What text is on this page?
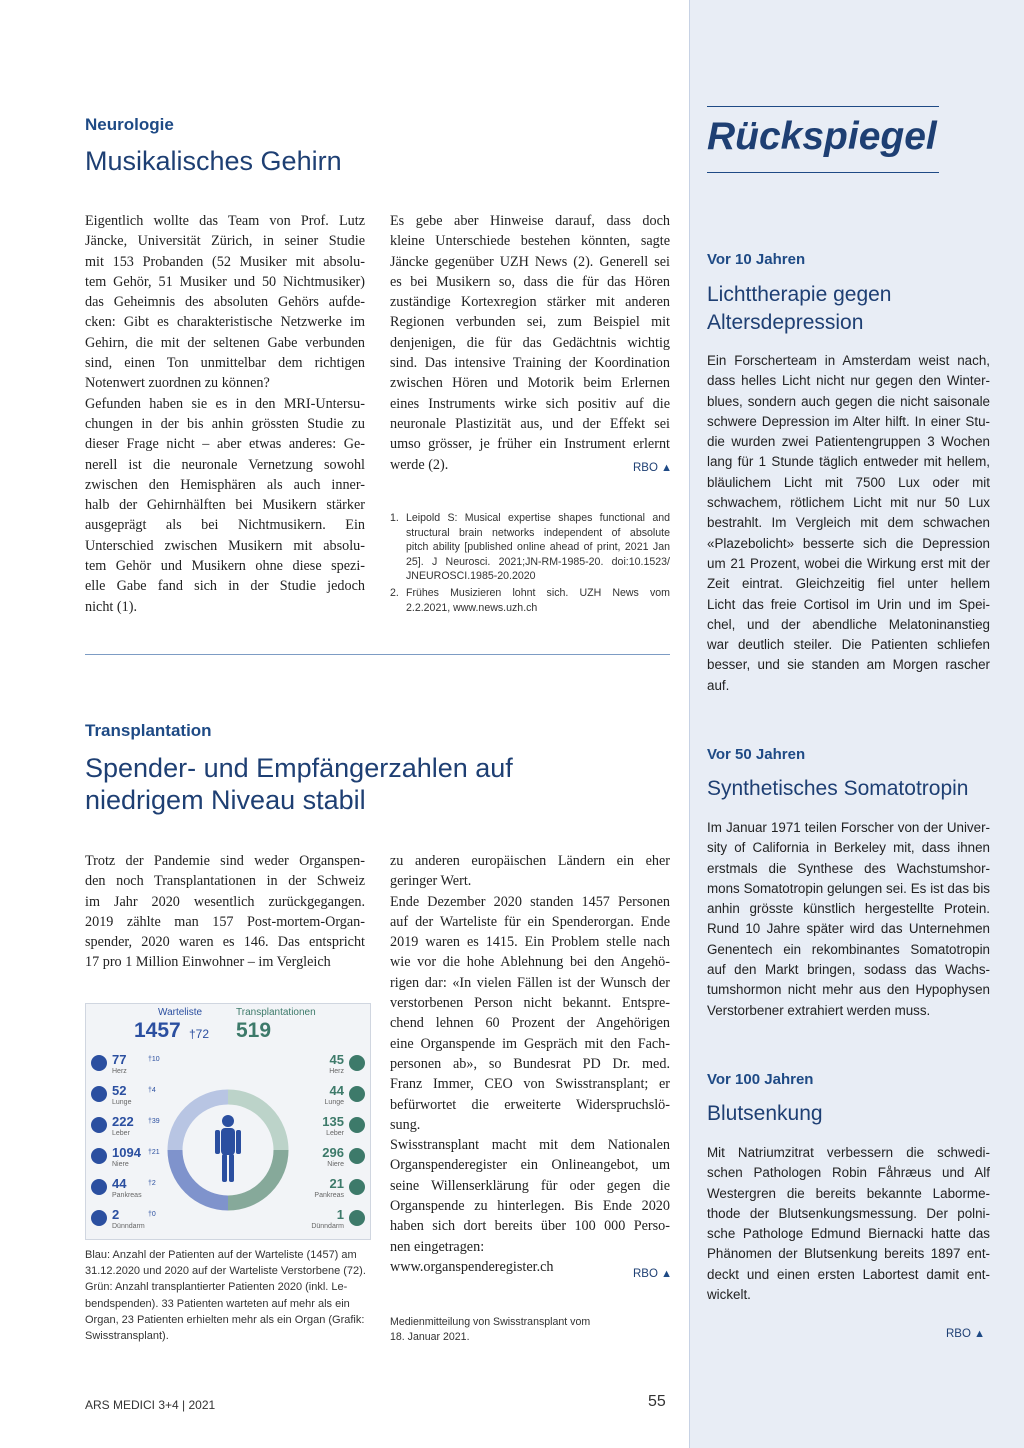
Rückspiegel
Vor 10 Jahren
Lichttherapie gegen
Altersdepression
Ein Forscherteam in Amsterdam weist nach,
dass helles Licht nicht nur gegen den Winter-
blues, sondern auch gegen die nicht saisonale
schwere Depression im Alter hilft. In einer Stu-
die wurden zwei Patientengruppen 3 Wochen
lang für 1 Stunde täglich entweder mit hellem,
bläulichem Licht mit 7500 Lux oder mit
schwachem, rötlichem Licht mit nur 50 Lux
bestrahlt. Im Vergleich mit dem schwachen
«Plazebolicht» besserte sich die Depression
um 21 Prozent, wobei die Wirkung erst mit der
Zeit eintrat. Gleichzeitig fiel unter hellem
Licht das freie Cortisol im Urin und im Spei-
chel, und der abendliche Melatoninanstieg
war deutlich steiler. Die Patienten schliefen
besser, und sie standen am Morgen rascher
auf.
Vor 50 Jahren
Synthetisches Somatotropin
Im Januar 1971 teilen Forscher von der Univer-
sity of California in Berkeley mit, dass ihnen
erstmals die Synthese des Wachstumshor-
mons Somatotropin gelungen sei. Es ist das bis
anhin grösste künstlich hergestellte Protein.
Rund 10 Jahre später wird das Unternehmen
Genentech ein rekombinantes Somatotropin
auf den Markt bringen, sodass das Wachs-
tumshormon nicht mehr aus den Hypophysen
Verstorbener extrahiert werden muss.
Vor 100 Jahren
Blutsenkung
Mit Natriumzitrat verbessern die schwedi-
schen Pathologen Robin Fåhræus und Alf
Westergren die bereits bekannte Laborme-
thode der Blutsenkungsmessung. Der polni-
sche Pathologe Edmund Biernacki hatte das
Phänomen der Blutsenkung bereits 1897 ent-
deckt und einen ersten Labortest damit ent-
wickelt.
RBO ▲
Neurologie
Musikalisches Gehirn
Eigentlich wollte das Team von Prof. Lutz
Jäncke, Universität Zürich, in seiner Studie
mit 153 Probanden (52 Musiker mit absolu-
tem Gehör, 51 Musiker und 50 Nichtmusiker)
das Geheimnis des absoluten Gehörs aufde-
cken: Gibt es charakteristische Netzwerke im
Gehirn, die mit der seltenen Gabe verbunden
sind, einen Ton unmittelbar dem richtigen
Notenwert zuordnen zu können?
Gefunden haben sie es in den MRI-Untersu-
chungen in der bis anhin grössten Studie zu
dieser Frage nicht – aber etwas anderes: Ge-
nerell ist die neuronale Vernetzung sowohl
zwischen den Hemisphären als auch inner-
halb der Gehirnhälften bei Musikern stärker
ausgeprägt als bei Nichtmusikern. Ein
Unterschied zwischen Musikern mit absolu-
tem Gehör und Musikern ohne diese spezi-
elle Gabe fand sich in der Studie jedoch
nicht (1).
Es gebe aber Hinweise darauf, dass doch
kleine Unterschiede bestehen könnten, sagte
Jäncke gegenüber UZH News (2). Generell sei
es bei Musikern so, dass die für das Hören
zuständige Kortexregion stärker mit anderen
Regionen verbunden sei, zum Beispiel mit
denjenigen, die für das Gedächtnis wichtig
sind. Das intensive Training der Koordination
zwischen Hören und Motorik beim Erlernen
eines Instruments wirke sich positiv auf die
neuronale Plastizität aus, und der Effekt sei
umso grösser, je früher ein Instrument erlernt
werde (2).	RBO ▲
1. Leipold S: Musical expertise shapes functional and
structural brain networks independent of absolute
pitch ability [published online ahead of print, 2021 Jan
25]. J Neurosci. 2021;JN-RM-1985-20. doi:10.1523/
JNEUROSCI.1985-20.2020
2. Frühes Musizieren lohnt sich. UZH News vom
2.2.2021, www.news.uzh.ch
Transplantation
Spender- und Empfängerzahlen auf
niedrigem Niveau stabil
Trotz der Pandemie sind weder Organspen-
den noch Transplantationen in der Schweiz
im Jahr 2020 wesentlich zurückgegangen.
2019 zählte man 157 Post-mortem-Organ-
spender, 2020 waren es 146. Das entspricht
17 pro 1 Million Einwohner – im Vergleich
zu anderen europäischen Ländern ein eher
geringer Wert.
Ende Dezember 2020 standen 1457 Personen
auf der Warteliste für ein Spenderorgan. Ende
2019 waren es 1415. Ein Problem stelle nach
wie vor die hohe Ablehnung bei den Angehö-
rigen dar: «In vielen Fällen ist der Wunsch der
verstorbenen Person nicht bekannt. Entspre-
chend lehnen 60 Prozent der Angehörigen
eine Organspende im Gespräch mit den Fach-
personen ab», so Bundesrat PD Dr. med.
Franz Immer, CEO von Swisstransplant; er
befürwortet die erweiterte Widerspruchslö-
sung.
Swisstransplant macht mit dem Nationalen
Organspenderegister ein Onlineangebot, um
seine Willenserklärung für oder gegen die
Organspende zu hinterlegen. Bis Ende 2020
haben sich dort bereits über 100 000 Perso-
nen eingetragen:
www.organspenderegister.ch	RBO ▲
Medienmitteilung von Swisstransplant vom
18. Januar 2021.
Warteliste
1457 †72
Transplantationen
519
77	†10
Herz
45
Herz
52	†4
Lunge
44
Lunge
222 †39
Leber
135
Leber
1094 †21
Niere
296
Niere
44	†2
Pankreas
21
Pankreas
2	†0
Dünndarm
1
Dünndarm
Blau: Anzahl der Patienten auf der Warteliste (1457) am
31.12.2020 und 2020 auf der Warteliste Verstorbene (72).
Grün: Anzahl transplantierter Patienten 2020 (inkl. Le-
bendspenden). 33 Patienten warteten auf mehr als ein
Organ, 23 Patienten erhielten mehr als ein Organ (Grafik:
Swisstransplant).
ARS MEDICI 3+4 | 2021	55
